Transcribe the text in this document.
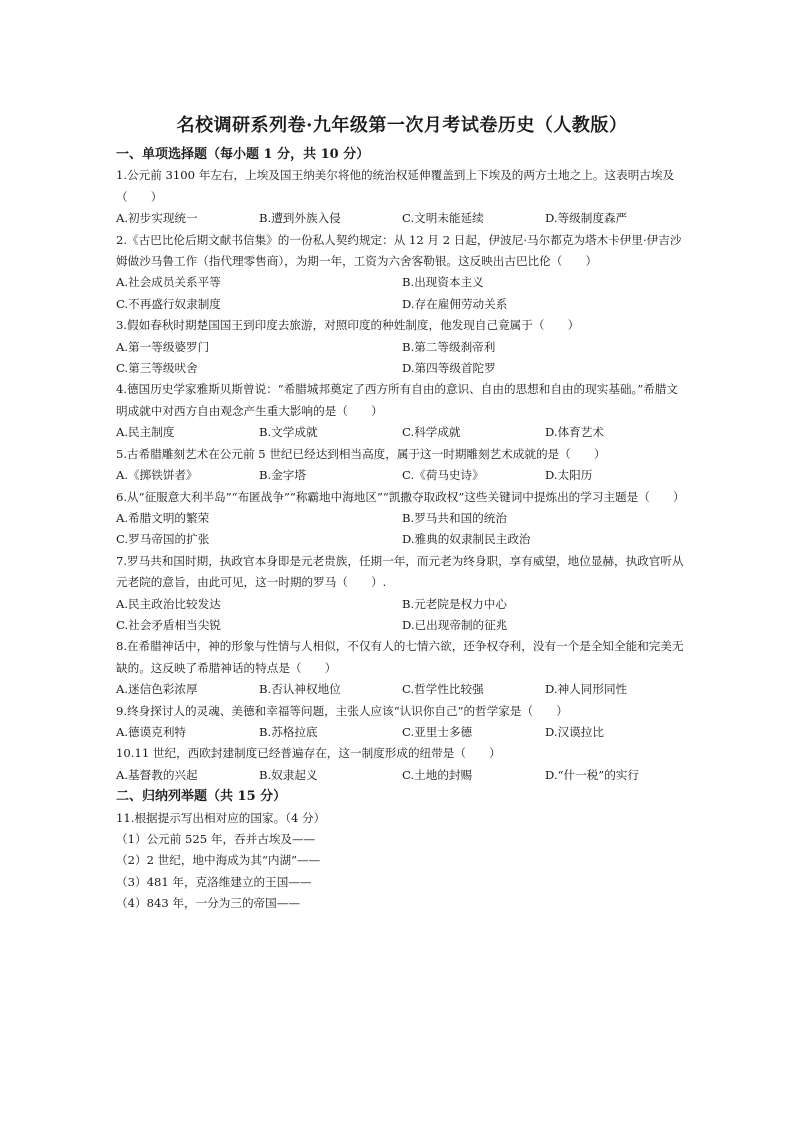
名校调研系列卷·九年级第一次月考试卷历史（人教版）

一、单项选择题（每小题 1 分，共 10 分）

1.公元前 3100 年左右，上埃及国王纳美尔将他的统治权延伸覆盖到上下埃及的两方土地之上。这表明古埃及（　　）

A.初步实现统一	B.遭到外族入侵	C.文明未能延续	D.等级制度森严

2.《古巴比伦后期文献书信集》的一份私人契约规定：从 12 月 2 日起，伊波尼·马尔都克为塔木卡伊里·伊吉沙姆做沙马鲁工作（指代理零售商），为期一年，工资为六舍客勒银。这反映出古巴比伦（　　）

A.社会成员关系平等	B.出现资本主义
C.不再盛行奴隶制度	D.存在雇佣劳动关系

3.假如春秋时期楚国国王到印度去旅游，对照印度的种姓制度，他发现自己竟属于（　　）

A.第一等级婆罗门	B.第二等级刹帝利
C.第三等级吠舍	D.第四等级首陀罗

4.德国历史学家雅斯贝斯曾说：“希腊城邦奠定了西方所有自由的意识、自由的思想和自由的现实基础。”希腊文明成就中对西方自由观念产生重大影响的是（　　）

A.民主制度	B.文学成就	C.科学成就	D.体育艺术

5.古希腊雕刻艺术在公元前 5 世纪已经达到相当高度，属于这一时期雕刻艺术成就的是（　　）

A.《掷铁饼者》	B.金字塔	C.《荷马史诗》	D.太阳历

6.从“征服意大利半岛”“布匿战争”“称霸地中海地区”“凯撒夺取政权”这些关键词中提炼出的学习主题是（　　）

A.希腊文明的繁荣	B.罗马共和国的统治
C.罗马帝国的扩张	D.雅典的奴隶制民主政治

7.罗马共和国时期，执政官本身即是元老贵族，任期一年，而元老为终身职，享有威望，地位显赫，执政官听从元老院的意旨，由此可见，这一时期的罗马（　　）.

A.民主政治比较发达	B.元老院是权力中心
C.社会矛盾相当尖锐	D.已出现帝制的征兆

8.在希腊神话中，神的形象与性情与人相似，不仅有人的七情六欲，还争权夺利，没有一个是全知全能和完美无缺的。这反映了希腊神话的特点是（　　）

A.迷信色彩浓厚	B.否认神权地位	C.哲学性比较强	D.神人同形同性

9.终身探讨人的灵魂、美德和幸福等问题，主张人应该“认识你自己”的哲学家是（　　）

A.德谟克利特	B.苏格拉底	C.亚里士多德	D.汉谟拉比

10.11 世纪，西欧封建制度已经普遍存在，这一制度形成的纽带是（　　）

A.基督教的兴起	B.奴隶起义	C.土地的封赐	D.“什一税”的实行

二、归纳列举题（共 15 分）

11.根据提示写出相对应的国家。（4 分）

（1）公元前 525 年，吞并古埃及——

（2）2 世纪，地中海成为其“内湖”——

（3）481 年，克洛维建立的王国——

（4）843 年，一分为三的帝国——
